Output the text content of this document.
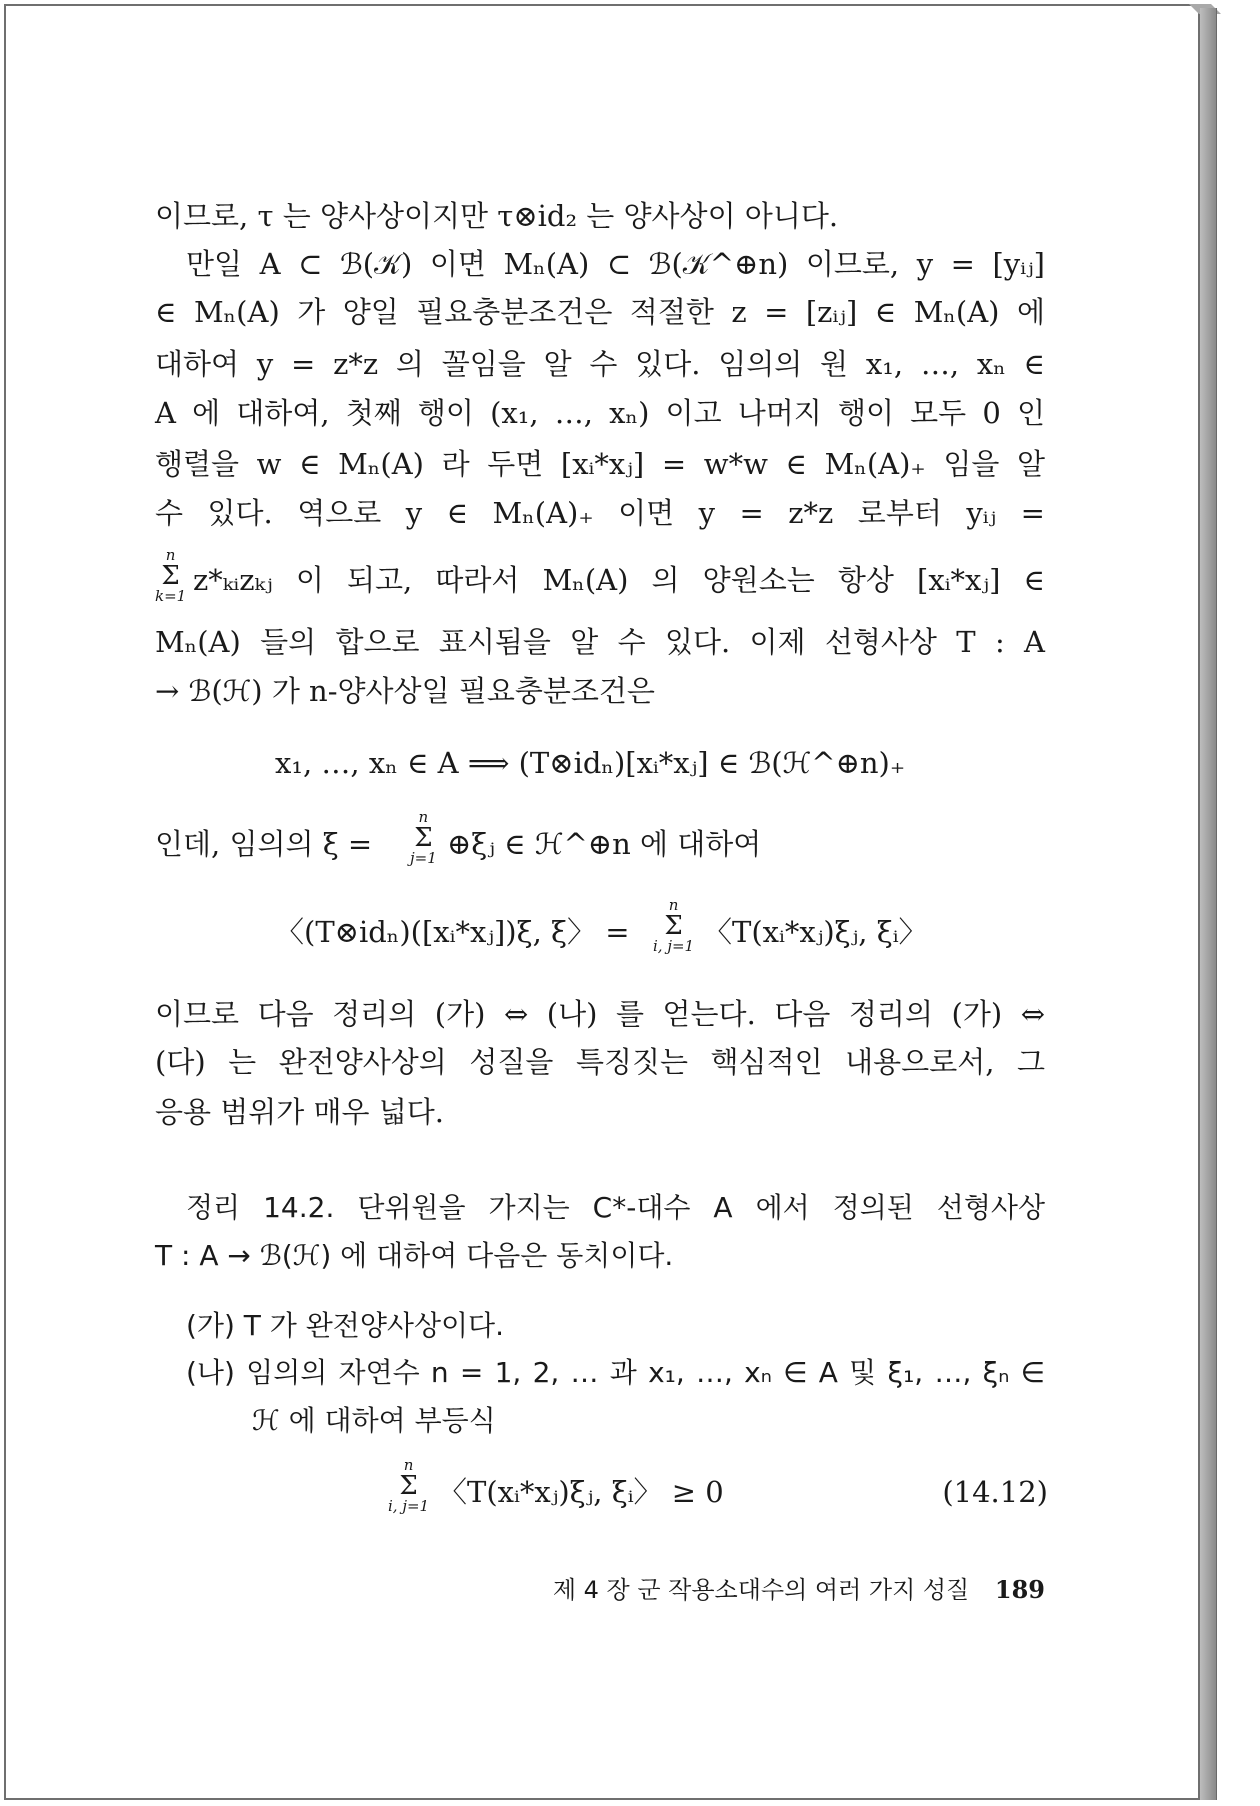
이므로, τ 는 양사상이지만 τ⊗id₂ 는 양사상이 아니다.
만일 A ⊂ ℬ(𝒦) 이면 Mₙ(A) ⊂ ℬ(𝒦^⊕n) 이므로, y = [yᵢⱼ]
∈ Mₙ(A) 가 양일 필요충분조건은 적절한 z = [zᵢⱼ] ∈ Mₙ(A) 에
대하여 y = z*z 의 꼴임을 알 수 있다. 임의의 원 x₁, …, xₙ ∈
A 에 대하여, 첫째 행이 (x₁, …, xₙ) 이고 나머지 행이 모두 0 인
행렬을 w ∈ Mₙ(A) 라 두면 [xᵢ*xⱼ] = w*w ∈ Mₙ(A)₊ 임을 알
수 있다. 역으로 y ∈ Mₙ(A)₊ 이면 y = z*z 로부터 yᵢⱼ =
n
Σ
k=1 z*ₖᵢzₖⱼ 이 되고, 따라서 Mₙ(A) 의 양원소는 항상 [xᵢ*xⱼ] ∈
Mₙ(A) 들의 합으로 표시됨을 알 수 있다. 이제 선형사상 T : A
→ ℬ(ℋ) 가 n-양사상일 필요충분조건은
x₁, …, xₙ ∈ A ⟹ (T⊗idₙ)[xᵢ*xⱼ] ∈ ℬ(ℋ^⊕n)₊
인데, 임의의 ξ =
n
Σ
j=1 ⊕ξⱼ ∈ ℋ^⊕n 에 대하여
〈(T⊗idₙ)([xᵢ*xⱼ])ξ, ξ〉 =
n
Σ
i, j=1 〈T(xᵢ*xⱼ)ξⱼ, ξᵢ〉
이므로 다음 정리의 (가) ⇔ (나) 를 얻는다. 다음 정리의 (가) ⇔
(다) 는 완전양사상의 성질을 특징짓는 핵심적인 내용으로서, 그
응용 범위가 매우 넓다.
정리 14.2. 단위원을 가지는 C*-대수 A 에서 정의된 선형사상
T : A → ℬ(ℋ) 에 대하여 다음은 동치이다.
(가) T 가 완전양사상이다.
(나) 임의의 자연수 n = 1, 2, … 과 x₁, …, xₙ ∈ A 및 ξ₁, …, ξₙ ∈
ℋ 에 대하여 부등식
n
Σ
i, j=1 〈T(xᵢ*xⱼ)ξⱼ, ξᵢ〉 ≥ 0	(14.12)
제 4 장 군 작용소대수의 여러 가지 성질 189
